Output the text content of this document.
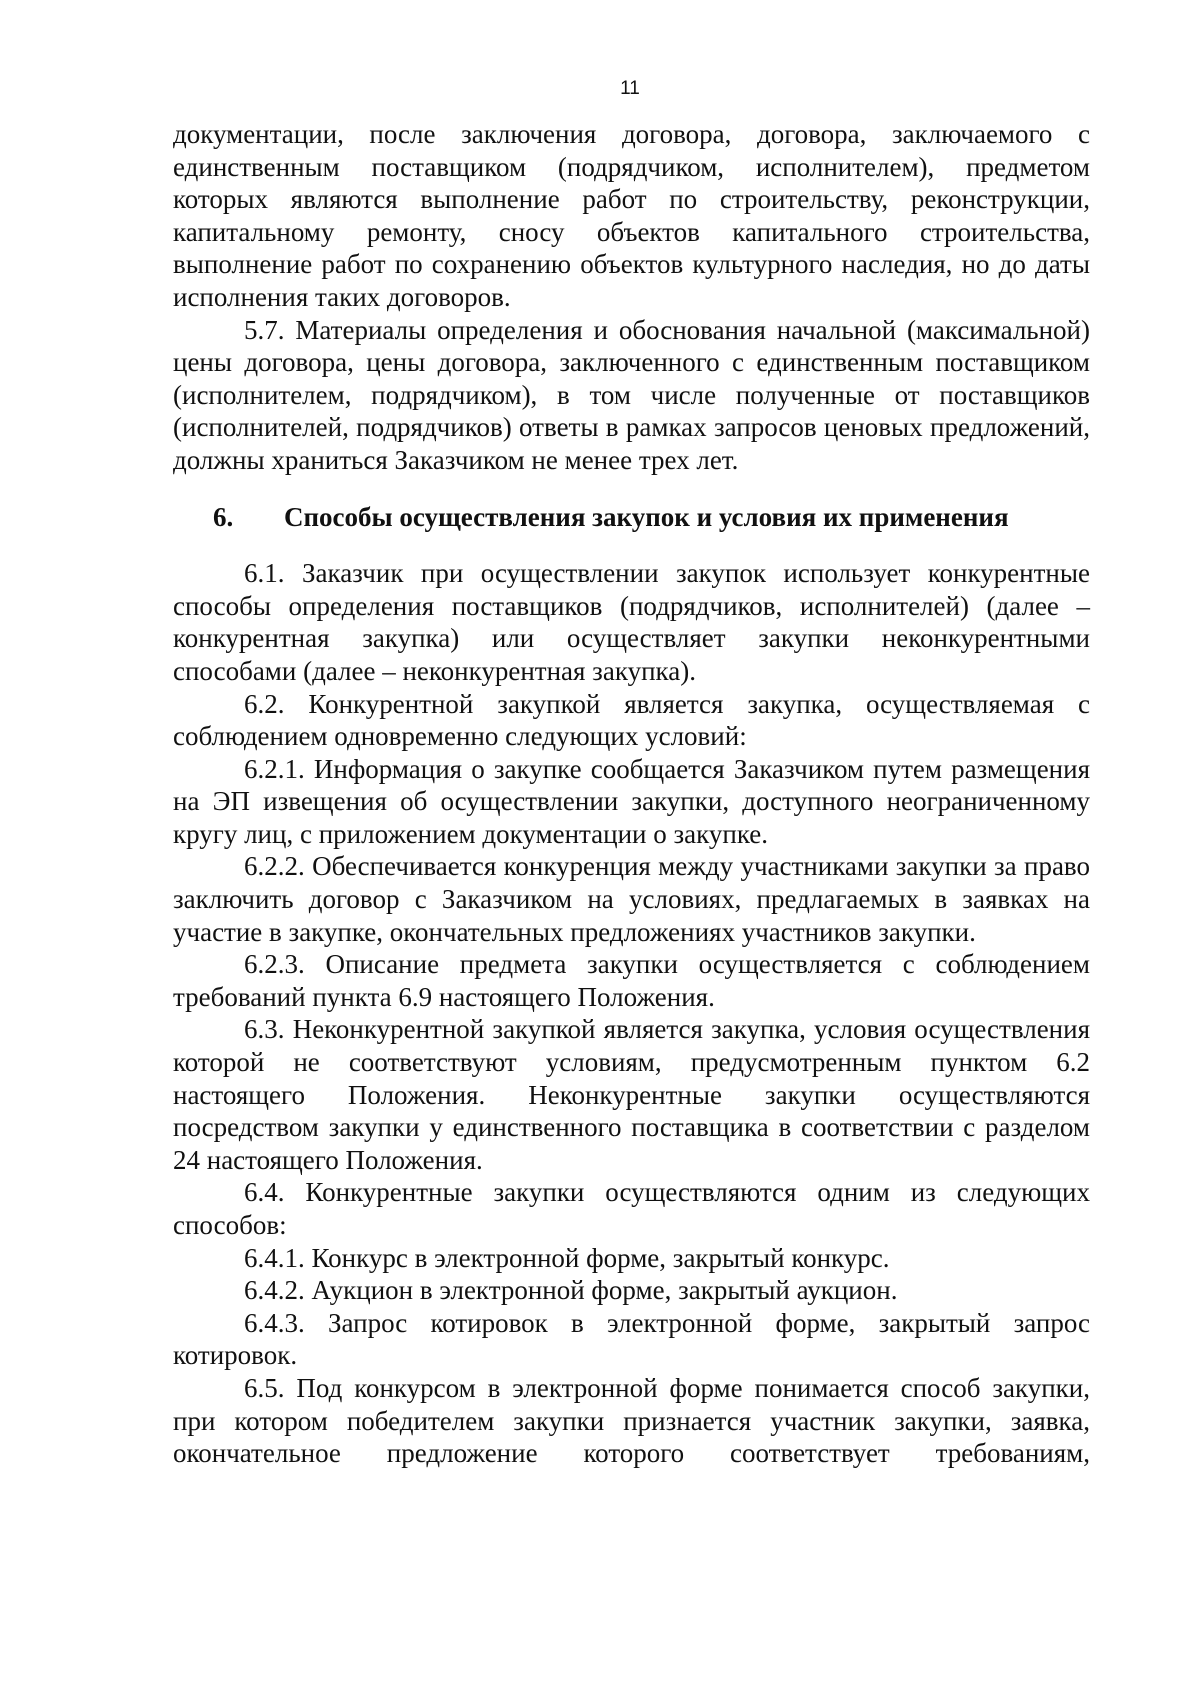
11

документации, после заключения договора, договора, заключаемого с единственным поставщиком (подрядчиком, исполнителем), предметом которых являются выполнение работ по строительству, реконструкции, капитальному ремонту, сносу объектов капитального строительства, выполнение работ по сохранению объектов культурного наследия, но до даты исполнения таких договоров.

5.7. Материалы определения и обоснования начальной (максимальной) цены договора, цены договора, заключенного с единственным поставщиком (исполнителем, подрядчиком), в том числе полученные от поставщиков (исполнителей, подрядчиков) ответы в рамках запросов ценовых предложений, должны храниться Заказчиком не менее трех лет.

6.	Способы осуществления закупок и условия их применения

6.1. Заказчик при осуществлении закупок использует конкурентные способы определения поставщиков (подрядчиков, исполнителей) (далее – конкурентная закупка) или осуществляет закупки неконкурентными способами (далее – неконкурентная закупка).

6.2. Конкурентной закупкой является закупка, осуществляемая с соблюдением одновременно следующих условий:

6.2.1. Информация о закупке сообщается Заказчиком путем размещения на ЭП извещения об осуществлении закупки, доступного неограниченному кругу лиц, с приложением документации о закупке.

6.2.2. Обеспечивается конкуренция между участниками закупки за право заключить договор с Заказчиком на условиях, предлагаемых в заявках на участие в закупке, окончательных предложениях участников закупки.

6.2.3. Описание предмета закупки осуществляется с соблюдением требований пункта 6.9 настоящего Положения.

6.3. Неконкурентной закупкой является закупка, условия осуществления которой не соответствуют условиям, предусмотренным пунктом 6.2 настоящего Положения. Неконкурентные закупки осуществляются посредством закупки у единственного поставщика в соответствии с разделом 24 настоящего Положения.

6.4. Конкурентные закупки осуществляются одним из следующих способов:

6.4.1. Конкурс в электронной форме, закрытый конкурс.

6.4.2. Аукцион в электронной форме, закрытый аукцион.

6.4.3. Запрос котировок в электронной форме, закрытый запрос котировок.

6.5. Под конкурсом в электронной форме понимается способ закупки, при котором победителем закупки признается участник закупки, заявка, окончательное предложение которого соответствует требованиям,
